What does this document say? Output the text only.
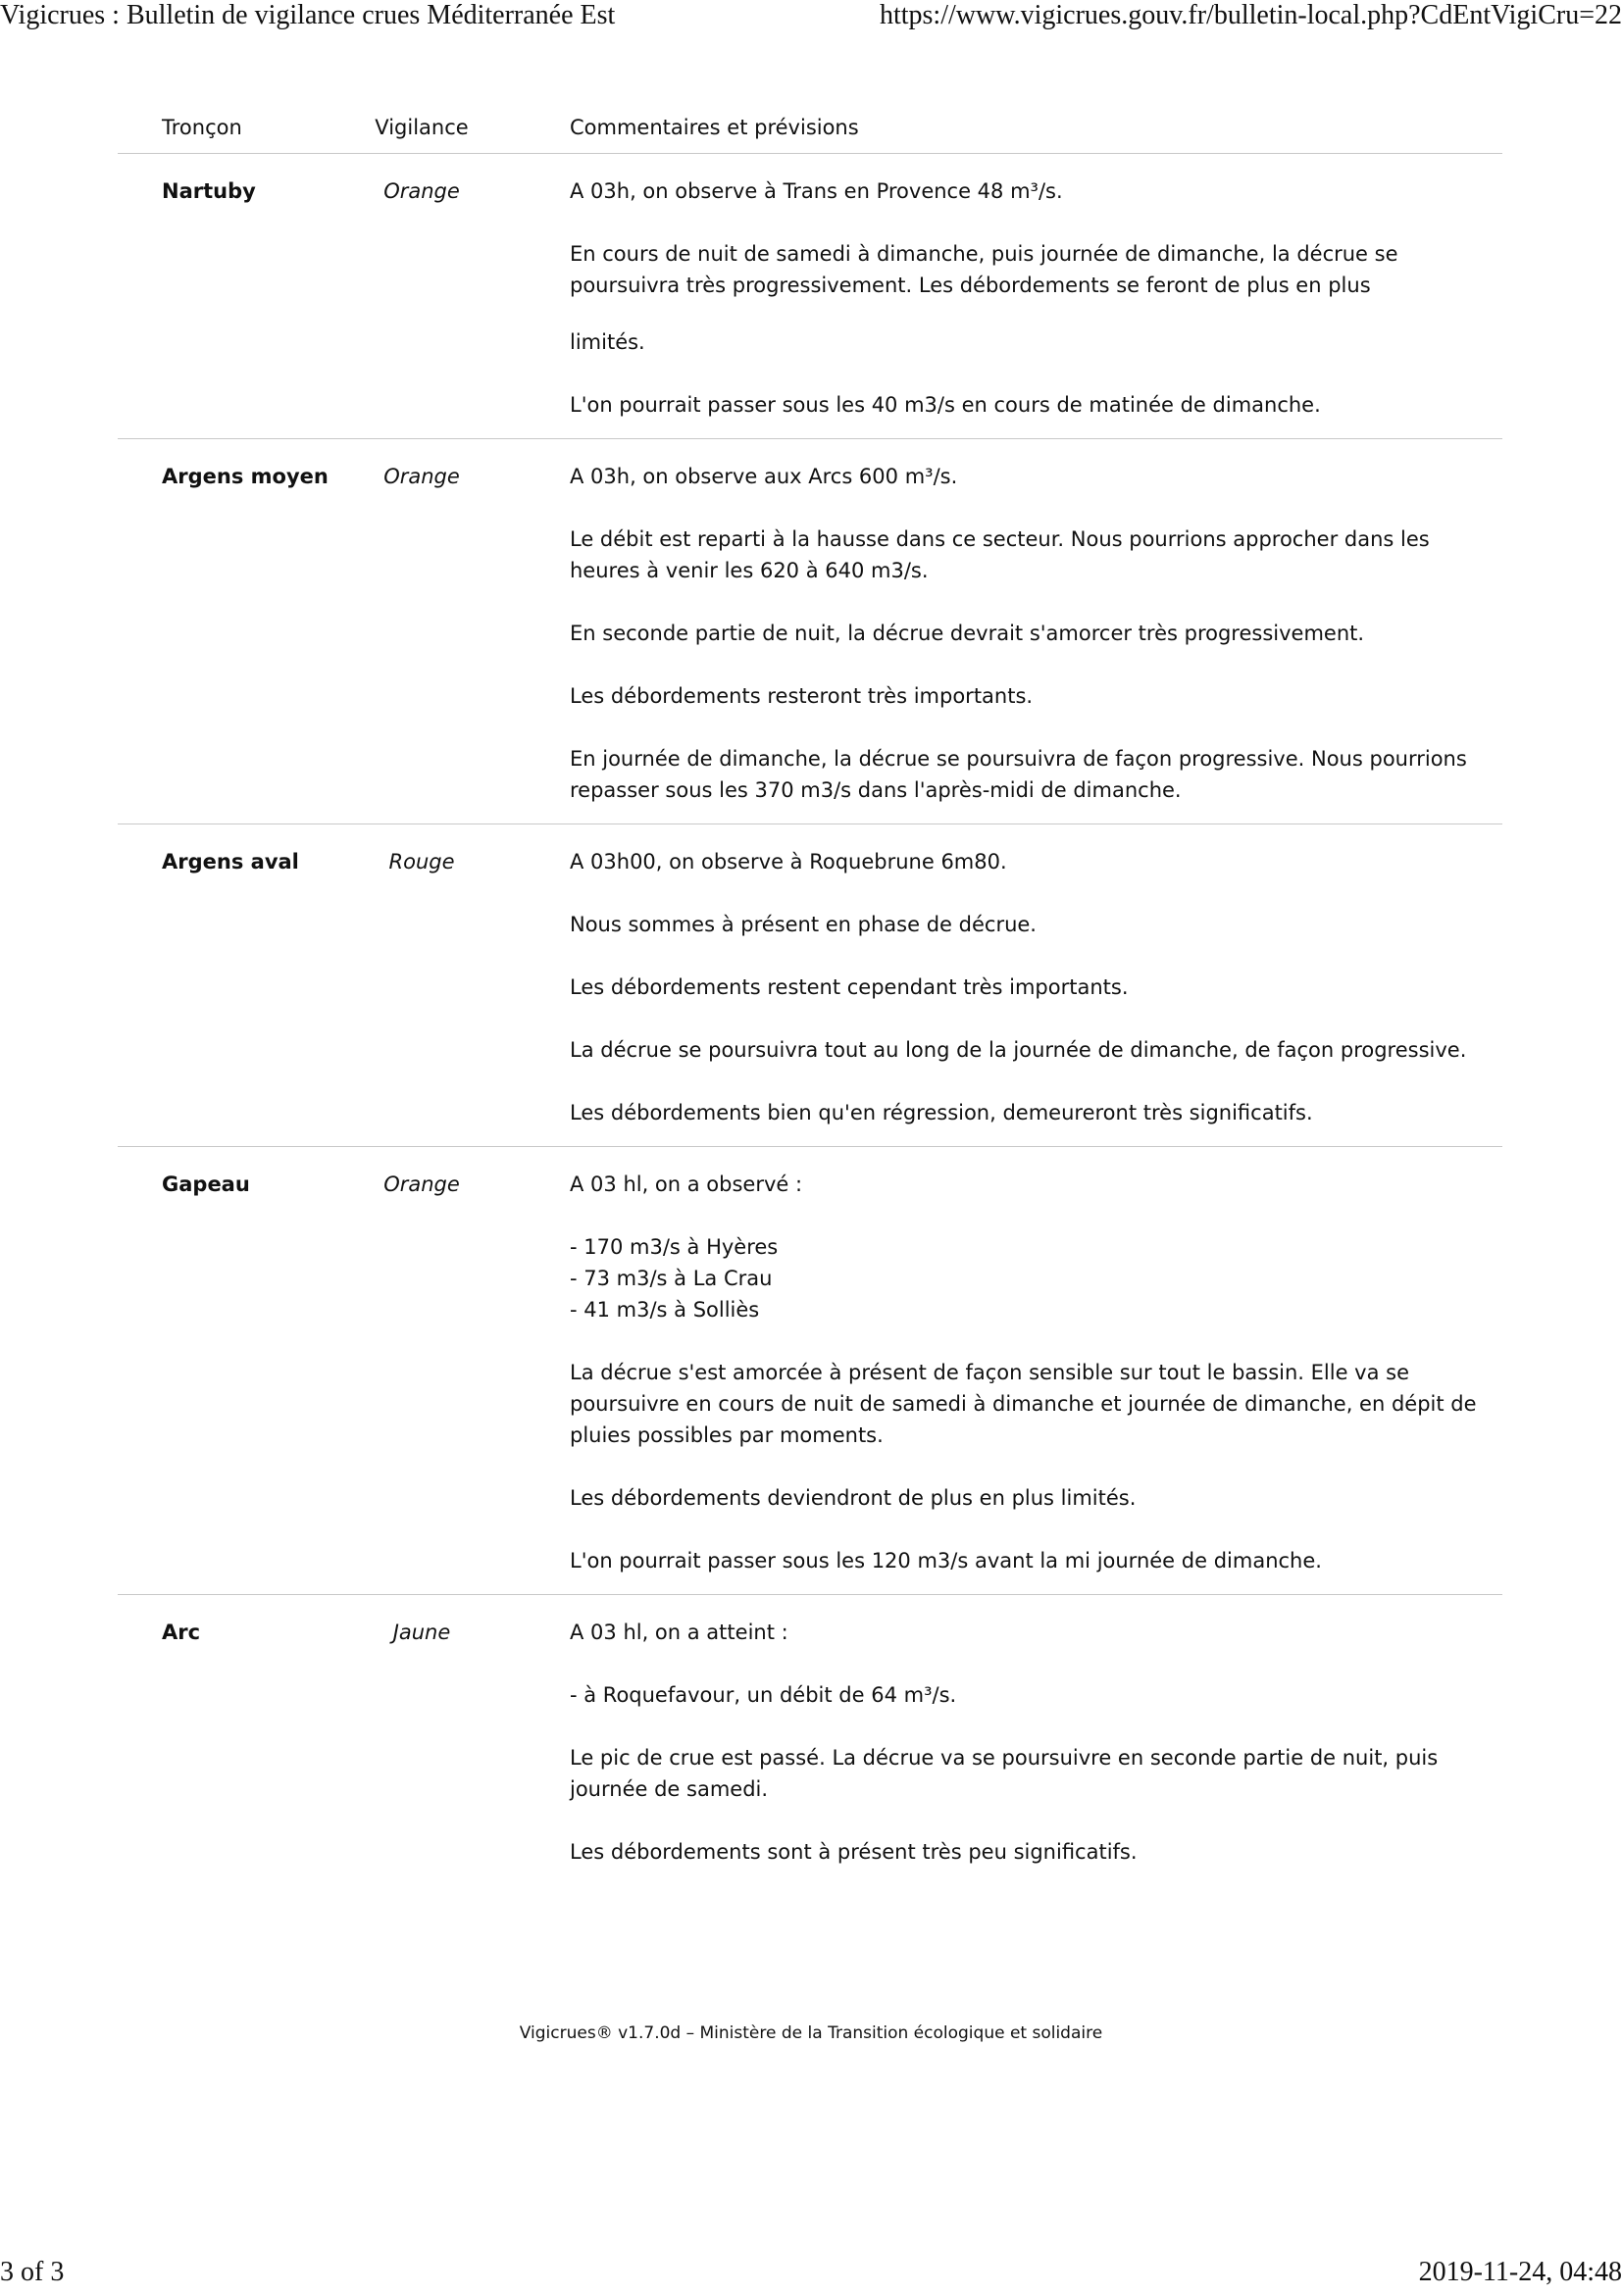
Vigicrues : Bulletin de vigilance crues Méditerranée Est	https://www.vigicrues.gouv.fr/bulletin-local.php?CdEntVigiCru=22
Tronçon	Vigilance	Commentaires et prévisions
Nartuby	Orange	A 03h, on observe à Trans en Provence 48 m³/s.

En cours de nuit de samedi à dimanche, puis journée de dimanche, la décrue se poursuivra très progressivement. Les débordements se feront de plus en plus

limités.

L'on pourrait passer sous les 40 m3/s en cours de matinée de dimanche.

Argens moyen	Orange	A 03h, on observe aux Arcs 600 m³/s.

Le débit est reparti à la hausse dans ce secteur. Nous pourrions approcher dans les heures à venir les 620 à 640 m3/s.

En seconde partie de nuit, la décrue devrait s'amorcer très progressivement.

Les débordements resteront très importants.

En journée de dimanche, la décrue se poursuivra de façon progressive. Nous pourrions repasser sous les 370 m3/s dans l'après-midi de dimanche.

Argens aval	Rouge	A 03h00, on observe à Roquebrune 6m80.

Nous sommes à présent en phase de décrue.

Les débordements restent cependant très importants.

La décrue se poursuivra tout au long de la journée de dimanche, de façon progressive.

Les débordements bien qu'en régression, demeureront très significatifs.

Gapeau	Orange	A 03 hl, on a observé :

- 170 m3/s à Hyères
- 73 m3/s à La Crau
- 41 m3/s à Solliès

La décrue s'est amorcée à présent de façon sensible sur tout le bassin. Elle va se poursuivre en cours de nuit de samedi à dimanche et journée de dimanche, en dépit de pluies possibles par moments.

Les débordements deviendront de plus en plus limités.

L'on pourrait passer sous les 120 m3/s avant la mi journée de dimanche.

Arc	Jaune	A 03 hl, on a atteint :

- à Roquefavour, un débit de 64 m³/s.

Le pic de crue est passé. La décrue va se poursuivre en seconde partie de nuit, puis journée de samedi.

Les débordements sont à présent très peu significatifs.

Vigicrues® v1.7.0d – Ministère de la Transition écologique et solidaire
3 of 3	2019-11-24, 04:48
